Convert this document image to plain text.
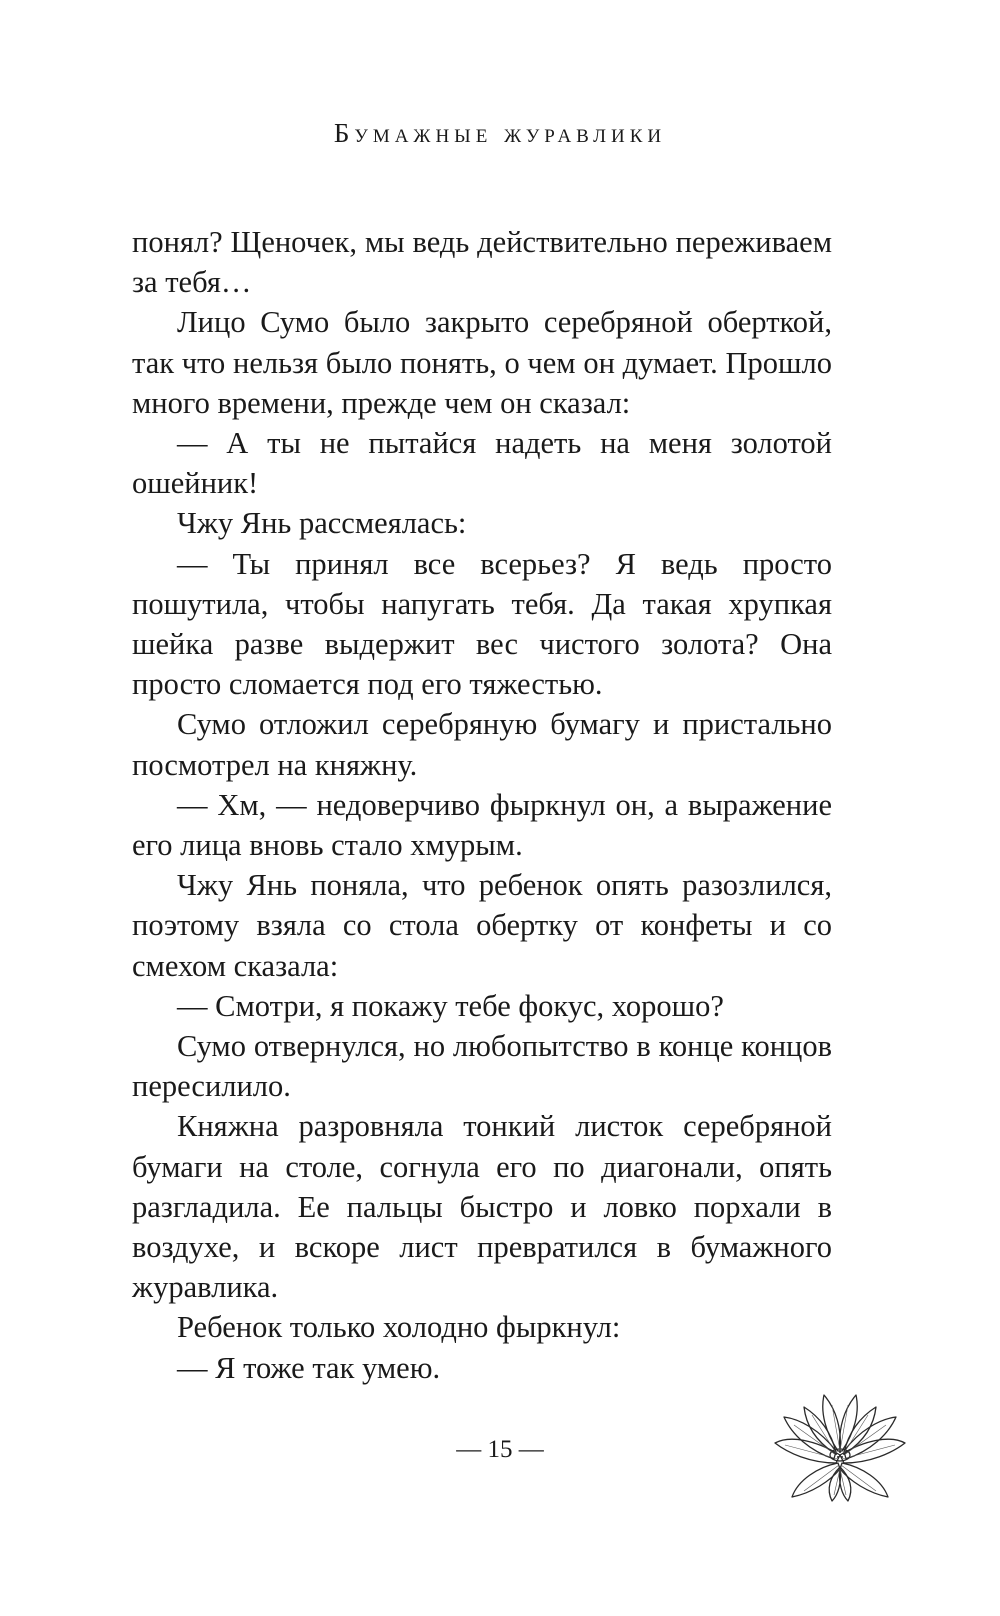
Бумажные журавлики

понял? Щеночек, мы ведь действительно переживаем за тебя…

Лицо Сумо было закрыто серебряной оберткой, так что нельзя было понять, о чем он думает. Прошло много времени, прежде чем он сказал:

— А ты не пытайся надеть на меня золотой ошейник!

Чжу Янь рассмеялась:

— Ты принял все всерьез? Я ведь просто пошутила, чтобы напугать тебя. Да такая хрупкая шейка разве выдержит вес чистого золота? Она просто сломается под его тяжестью.

Сумо отложил серебряную бумагу и пристально посмотрел на княжну.

— Хм, — недоверчиво фыркнул он, а выражение его лица вновь стало хмурым.

Чжу Янь поняла, что ребенок опять разозлился, поэтому взяла со стола обертку от конфеты и со смехом сказала:

— Смотри, я покажу тебе фокус, хорошо?

Сумо отвернулся, но любопытство в конце концов пересилило.

Княжна разровняла тонкий листок серебряной бумаги на столе, согнула его по диагонали, опять разгладила. Ее пальцы быстро и ловко порхали в воздухе, и вскоре лист превратился в бумажного журавлика.

Ребенок только холодно фыркнул:

— Я тоже так умею.

— 15 —
